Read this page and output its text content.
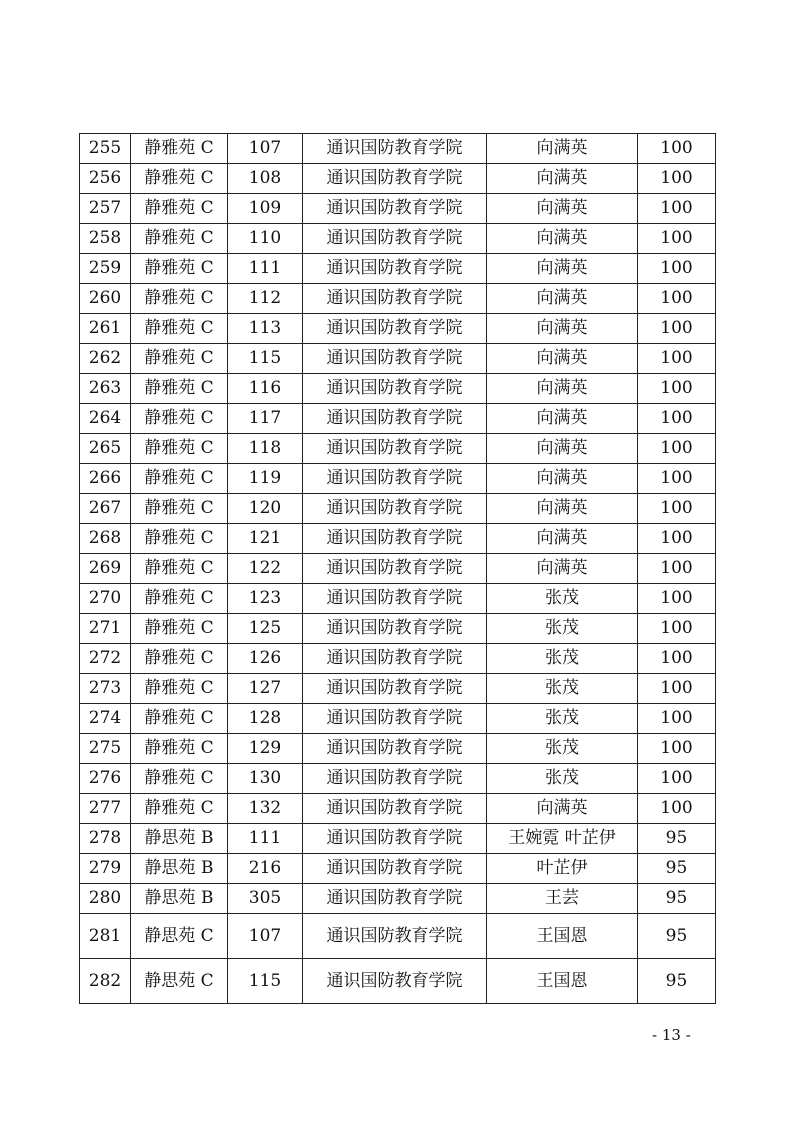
255	静雅苑 C	107	通识国防教育学院	向满英	100
256	静雅苑 C	108	通识国防教育学院	向满英	100
257	静雅苑 C	109	通识国防教育学院	向满英	100
258	静雅苑 C	110	通识国防教育学院	向满英	100
259	静雅苑 C	111	通识国防教育学院	向满英	100
260	静雅苑 C	112	通识国防教育学院	向满英	100
261	静雅苑 C	113	通识国防教育学院	向满英	100
262	静雅苑 C	115	通识国防教育学院	向满英	100
263	静雅苑 C	116	通识国防教育学院	向满英	100
264	静雅苑 C	117	通识国防教育学院	向满英	100
265	静雅苑 C	118	通识国防教育学院	向满英	100
266	静雅苑 C	119	通识国防教育学院	向满英	100
267	静雅苑 C	120	通识国防教育学院	向满英	100
268	静雅苑 C	121	通识国防教育学院	向满英	100
269	静雅苑 C	122	通识国防教育学院	向满英	100
270	静雅苑 C	123	通识国防教育学院	张茂	100
271	静雅苑 C	125	通识国防教育学院	张茂	100
272	静雅苑 C	126	通识国防教育学院	张茂	100
273	静雅苑 C	127	通识国防教育学院	张茂	100
274	静雅苑 C	128	通识国防教育学院	张茂	100
275	静雅苑 C	129	通识国防教育学院	张茂	100
276	静雅苑 C	130	通识国防教育学院	张茂	100
277	静雅苑 C	132	通识国防教育学院	向满英	100
278	静思苑 B	111	通识国防教育学院	王婉霓 叶芷伊	95
279	静思苑 B	216	通识国防教育学院	叶芷伊	95
280	静思苑 B	305	通识国防教育学院	王芸	95
281	静思苑 C	107	通识国防教育学院	王国恩	95
282	静思苑 C	115	通识国防教育学院	王国恩	95
- 13 -
